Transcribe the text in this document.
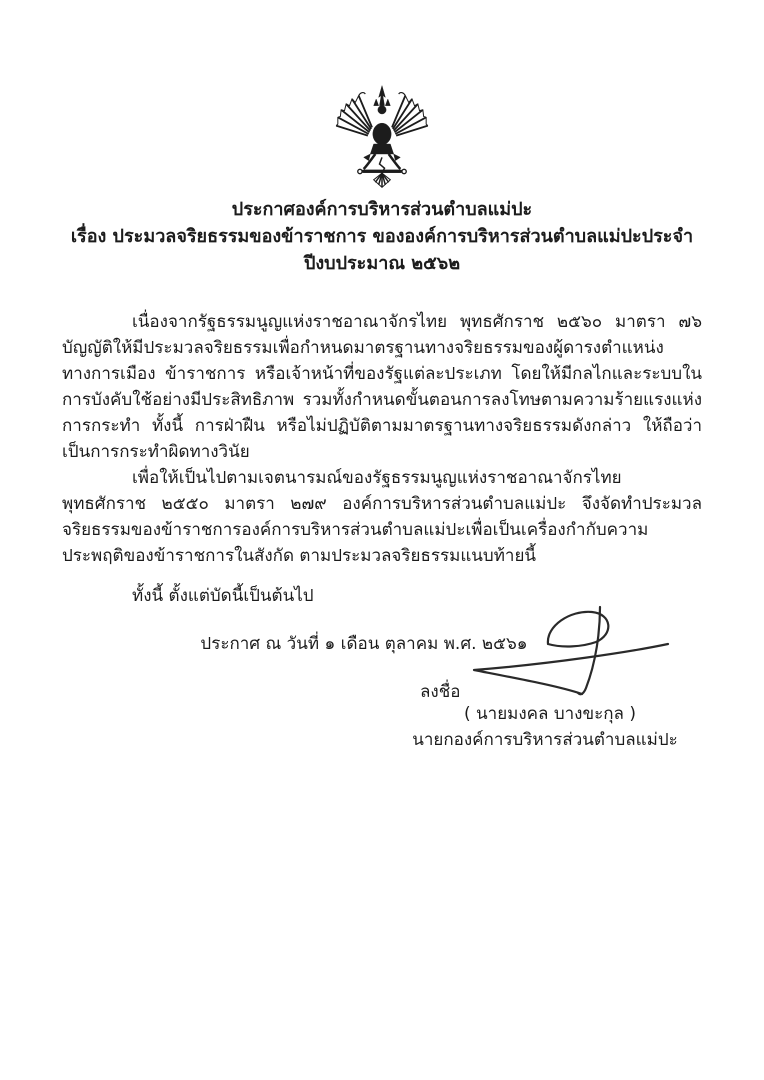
ประกาศองค์การบริหารส่วนตำบลแม่ปะ
เรื่อง ประมวลจริยธรรมของข้าราชการ ขององค์การบริหารส่วนตำบลแม่ปะประจำปีงบประมาณ ๒๕๖๒

เนื่องจากรัฐธรรมนูญแห่งราชอาณาจักรไทย พุทธศักราช ๒๕๖๐ มาตรา ๗๖ บัญญัติให้มีประมวลจริยธรรมเพื่อกำหนดมาตรฐานทางจริยธรรมของผู้ดารงตำแหน่งทางการเมือง ข้าราชการ หรือเจ้าหน้าที่ของรัฐแต่ละประเภท โดยให้มีกลไกและระบบในการบังคับใช้อย่างมีประสิทธิภาพ รวมทั้งกำหนดขั้นตอนการลงโทษตามความร้ายแรงแห่งการกระทำ ทั้งนี้ การฝ่าฝืน หรือไม่ปฏิบัติตามมาตรฐานทางจริยธรรมดังกล่าว ให้ถือว่า เป็นการกระทำผิดทางวินัย

เพื่อให้เป็นไปตามเจตนารมณ์ของรัฐธรรมนูญแห่งราชอาณาจักรไทย พุทธศักราช ๒๕๕๐ มาตรา ๒๗๙ องค์การบริหารส่วนตำบลแม่ปะ จึงจัดทำประมวลจริยธรรมของข้าราชการองค์การบริหารส่วนตำบลแม่ปะเพื่อเป็นเครื่องกำกับความประพฤติของข้าราชการในสังกัด ตามประมวลจริยธรรมแนบท้ายนี้

ทั้งนี้ ตั้งแต่บัดนี้เป็นต้นไป

ประกาศ ณ วันที่ ๑ เดือน ตุลาคม พ.ศ. ๒๕๖๑
ลงชื่อ
( นายมงคล บางขะกุล )
นายกองค์การบริหารส่วนตำบลแม่ปะ
